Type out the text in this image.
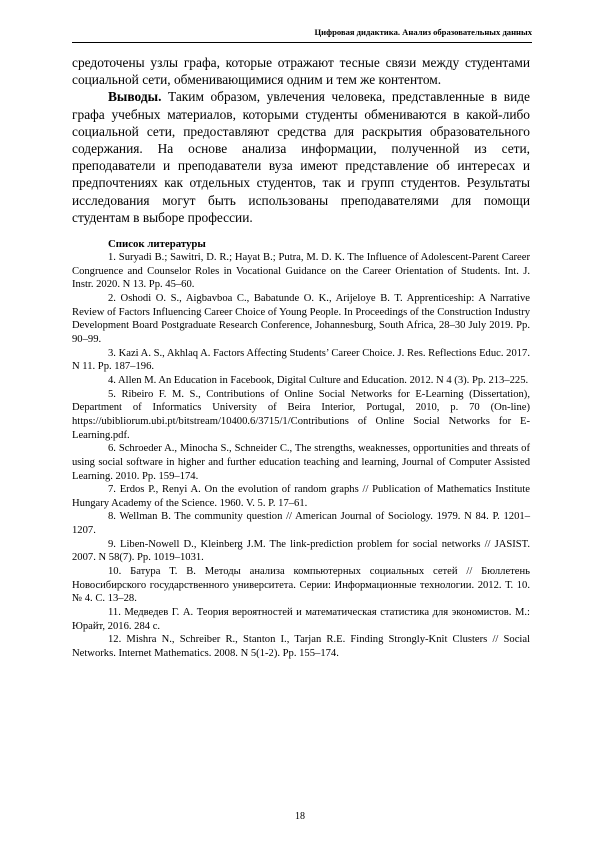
Цифровая дидактика. Анализ образовательных данных

средоточены узлы графа, которые отражают тесные связи между студентами социальной сети, обменивающимися одним и тем же контентом.

Выводы. Таким образом, увлечения человека, представленные в виде графа учебных материалов, которыми студенты обмениваются в какой-либо социальной сети, предоставляют средства для раскрытия образовательного содержания. На основе анализа информации, полученной из сети, преподаватели и преподаватели вуза имеют представление об интересах и предпочтениях как отдельных студентов, так и групп студентов. Результаты исследования могут быть использованы преподавателями для помощи студентам в выборе профессии.

Список литературы

1. Suryadi B.; Sawitri, D. R.; Hayat B.; Putra, M. D. K. The Influence of Adolescent-Parent Career Congruence and Counselor Roles in Vocational Guidance on the Career Orientation of Students. Int. J. Instr. 2020. N 13. Pp. 45–60.

2. Oshodi O. S., Aigbavboa C., Babatunde O. K., Arijeloye B. T. Apprenticeship: A Narrative Review of Factors Influencing Career Choice of Young People. In Proceedings of the Construction Industry Development Board Postgraduate Research Conference, Johannesburg, South Africa, 28–30 July 2019. Pp. 90–99.

3. Kazi A. S., Akhlaq A. Factors Affecting Students’ Career Choice. J. Res. Reflections Educ. 2017. N 11. Pp. 187–196.

4. Allen M. An Education in Facebook, Digital Culture and Education. 2012. N 4 (3). Pp. 213–225.

5. Ribeiro F. M. S., Contributions of Online Social Networks for E-Learning (Dissertation), Department of Informatics University of Beira Interior, Portugal, 2010, p. 70 (On-line) https://ubibliorum.ubi.pt/bitstream/10400.6/3715/1/Contributions of Online Social Networks for E-Learning.pdf.

6. Schroeder A., Minocha S., Schneider C., The strengths, weaknesses, opportunities and threats of using social software in higher and further education teaching and learning, Journal of Computer Assisted Learning. 2010. Pp. 159–174.

7. Erdos P., Renyi A. On the evolution of random graphs // Publication of Mathematics Institute Hungary Academy of the Science. 1960. V. 5. P. 17–61.

8. Wellman B. The community question // American Journal of Sociology. 1979. N 84. P. 1201–1207.

9. Liben-Nowell D., Kleinberg J.M. The link-prediction problem for social networks // JASIST. 2007. N 58(7). Pp. 1019–1031.

10. Батура Т. В. Методы анализа компьютерных социальных сетей // Бюллетень Новосибирского государственного университета. Серии: Информационные технологии. 2012. Т. 10. № 4. С. 13–28.

11. Медведев Г. А. Теория вероятностей и математическая статистика для экономистов. М.: Юрайт, 2016. 284 с.

12. Mishra N., Schreiber R., Stanton I., Tarjan R.E. Finding Strongly-Knit Clusters // Social Networks. Internet Mathematics. 2008. N 5(1-2). Pp. 155–174.

18
